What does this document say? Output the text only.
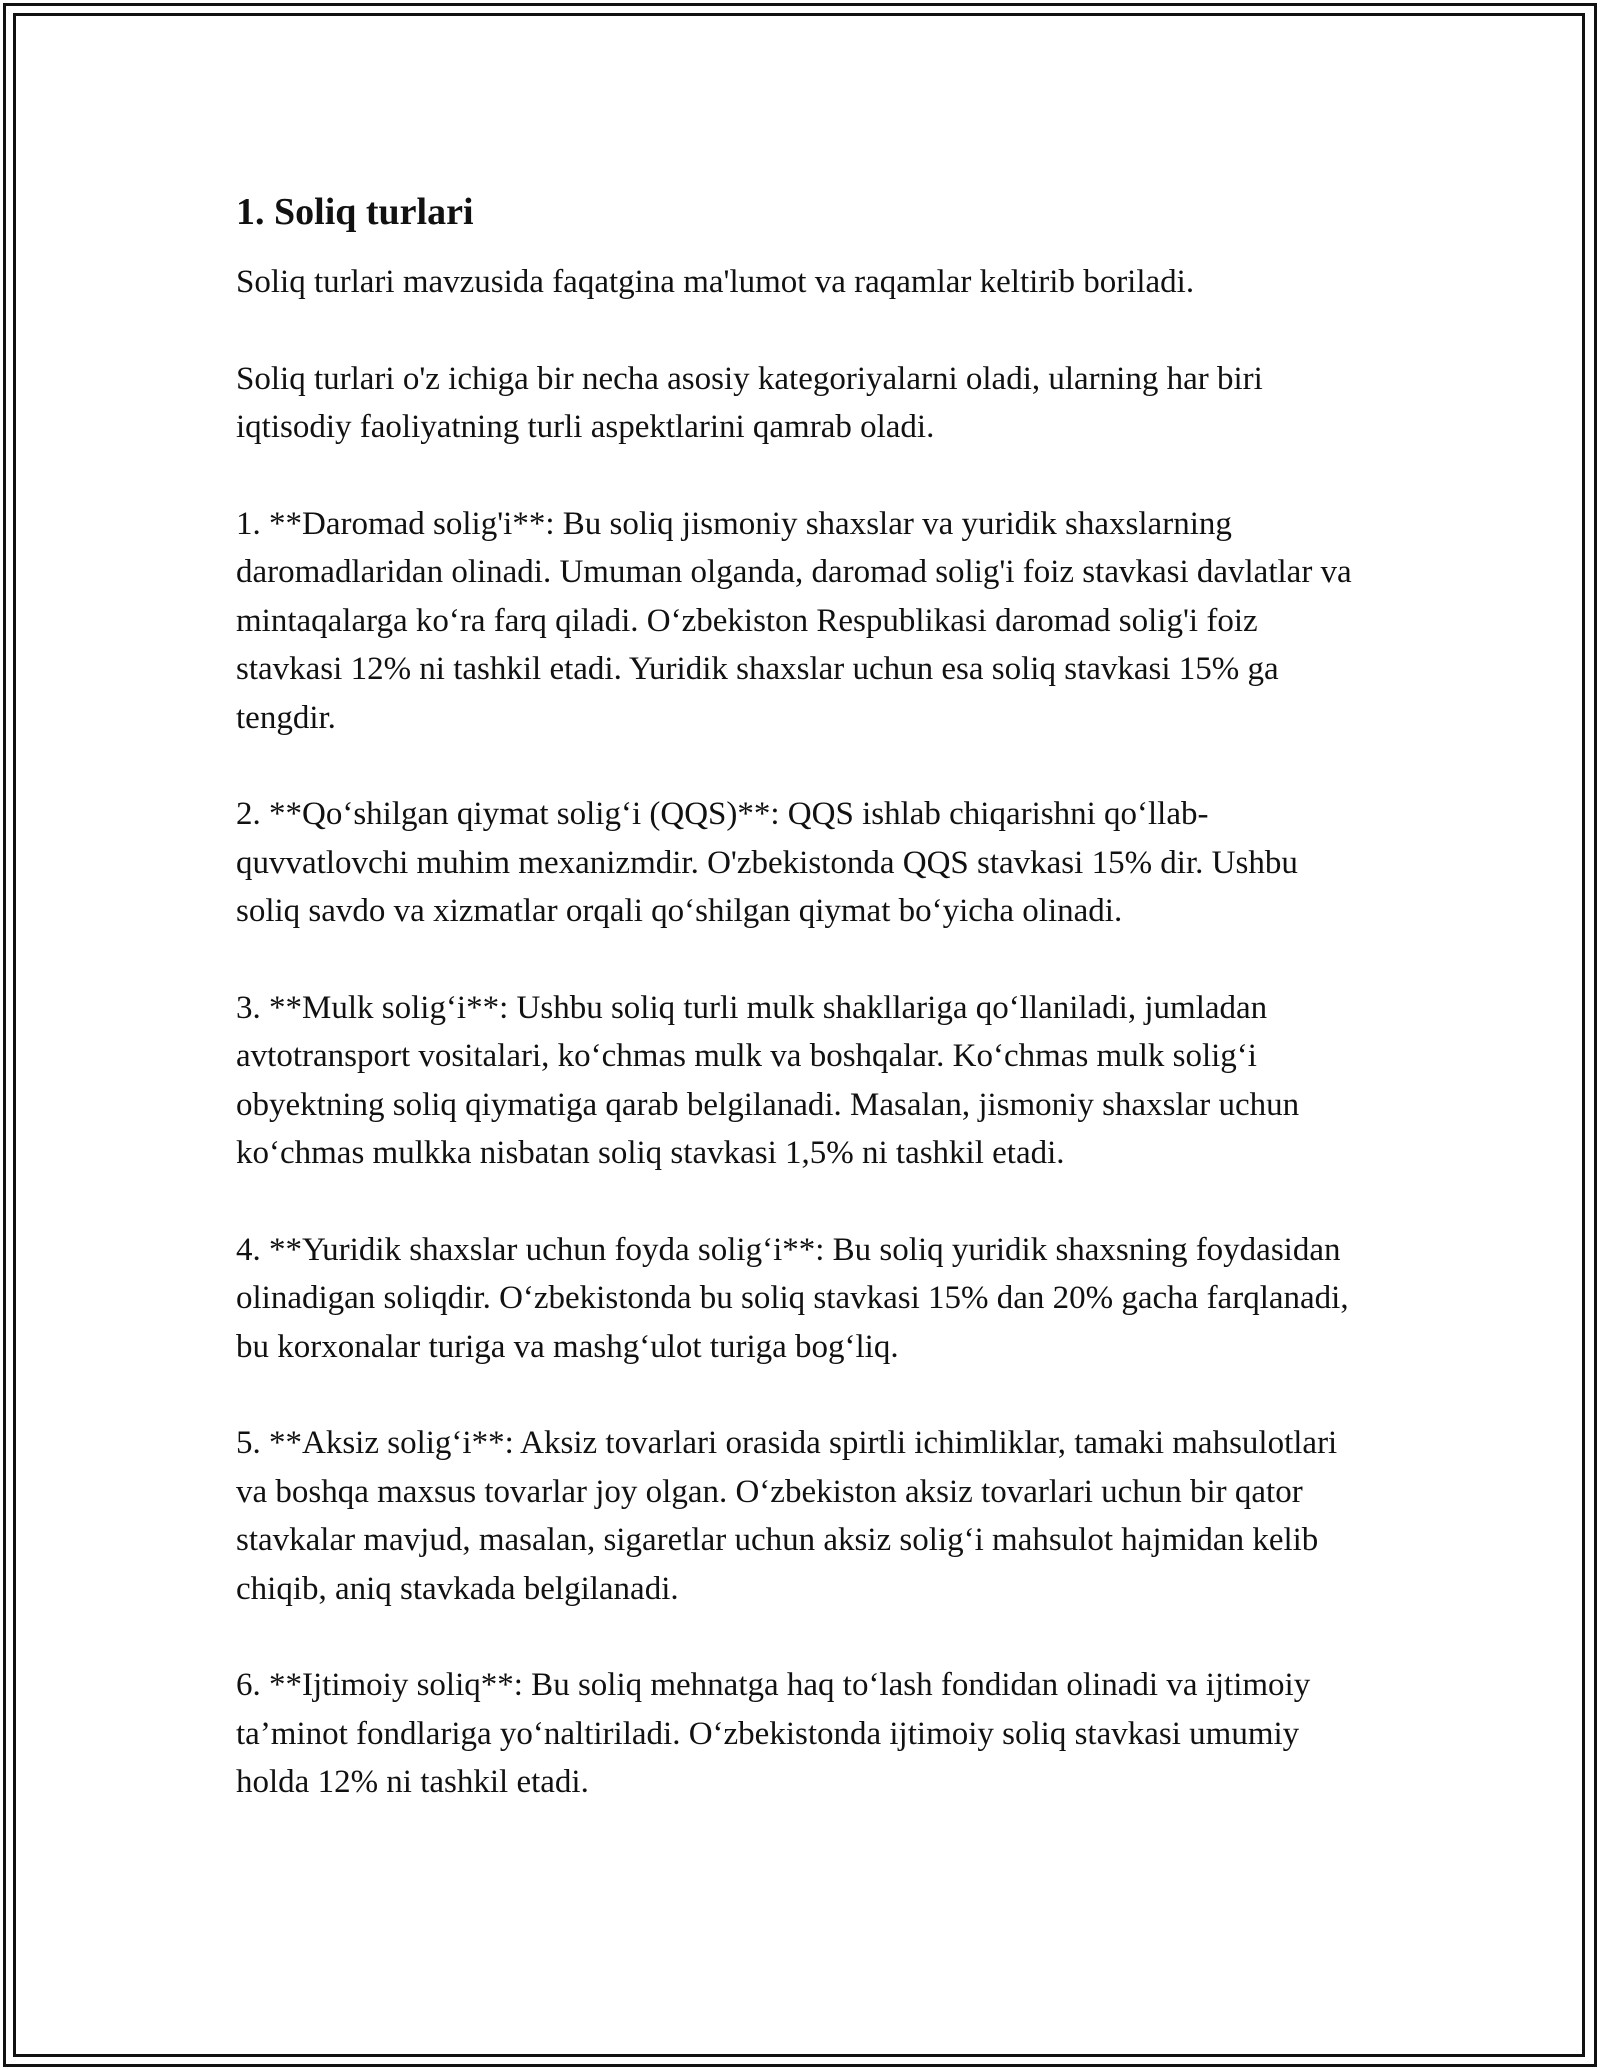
1. Soliq turlari

Soliq turlari mavzusida faqatgina ma'lumot va raqamlar keltirib boriladi.

Soliq turlari o'z ichiga bir necha asosiy kategoriyalarni oladi, ularning har biri iqtisodiy faoliyatning turli aspektlarini qamrab oladi.

1. **Daromad solig'i**: Bu soliq jismoniy shaxslar va yuridik shaxslarning daromadlaridan olinadi. Umuman olganda, daromad solig'i foiz stavkasi davlatlar va mintaqalarga ko‘ra farq qiladi. O‘zbekiston Respublikasi daromad solig'i foiz stavkasi 12% ni tashkil etadi. Yuridik shaxslar uchun esa soliq stavkasi 15% ga tengdir.

2. **Qo‘shilgan qiymat solig‘i (QQS)**: QQS ishlab chiqarishni qo‘llab-quvvatlovchi muhim mexanizmdir. O'zbekistonda QQS stavkasi 15% dir. Ushbu soliq savdo va xizmatlar orqali qo‘shilgan qiymat bo‘yicha olinadi.

3. **Mulk solig‘i**: Ushbu soliq turli mulk shakllariga qo‘llaniladi, jumladan avtotransport vositalari, ko‘chmas mulk va boshqalar. Ko‘chmas mulk solig‘i obyektning soliq qiymatiga qarab belgilanadi. Masalan, jismoniy shaxslar uchun ko‘chmas mulkka nisbatan soliq stavkasi 1,5% ni tashkil etadi.

4. **Yuridik shaxslar uchun foyda solig‘i**: Bu soliq yuridik shaxsning foydasidan olinadigan soliqdir. O‘zbekistonda bu soliq stavkasi 15% dan 20% gacha farqlanadi, bu korxonalar turiga va mashg‘ulot turiga bog‘liq.

5. **Aksiz solig‘i**: Aksiz tovarlari orasida spirtli ichimliklar, tamaki mahsulotlari va boshqa maxsus tovarlar joy olgan. O‘zbekiston aksiz tovarlari uchun bir qator stavkalar mavjud, masalan, sigaretlar uchun aksiz solig‘i mahsulot hajmidan kelib chiqib, aniq stavkada belgilanadi.

6. **Ijtimoiy soliq**: Bu soliq mehnatga haq to‘lash fondidan olinadi va ijtimoiy ta’minot fondlariga yo‘naltiriladi. O‘zbekistonda ijtimoiy soliq stavkasi umumiy holda 12% ni tashkil etadi.
